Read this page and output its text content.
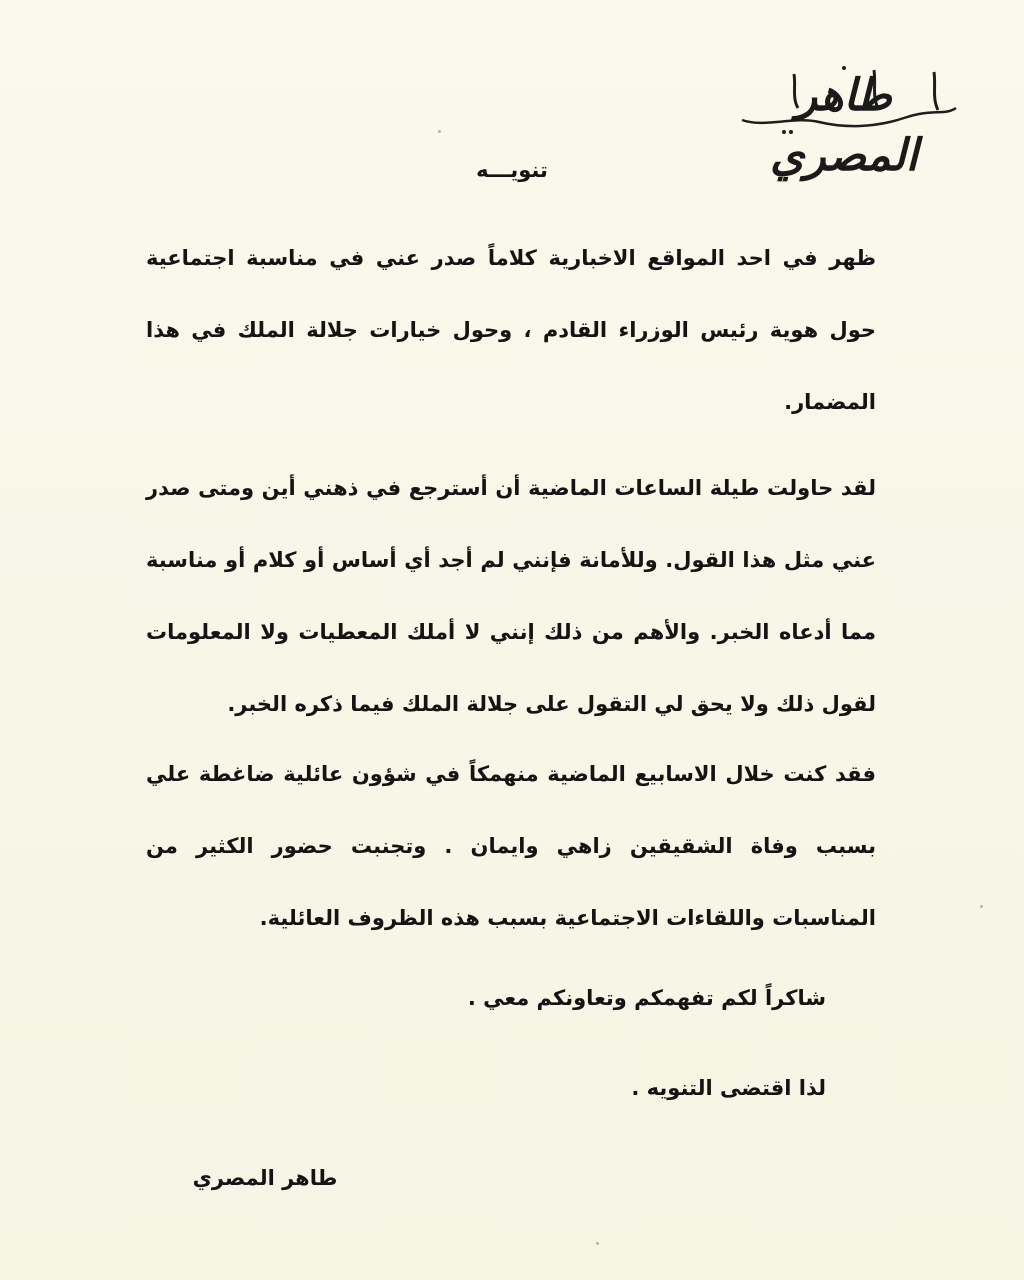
طاهر المصري
تنويـــه
ظهر في احد المواقع الاخبارية كلاماً صدر عني في مناسبة اجتماعية حول هوية رئيس الوزراء القادم ، وحول خيارات جلالة الملك في هذا المضمار.
لقد حاولت طيلة الساعات الماضية أن أسترجع في ذهني أين ومتى صدر عني مثل هذا القول. وللأمانة فإنني لم أجد أي أساس أو كلام أو مناسبة مما أدعاه الخبر. والأهم من ذلك إنني لا أملك المعطيات ولا المعلومات لقول ذلك ولا يحق لي التقول على جلالة الملك فيما ذكره الخبر.
فقد كنت خلال الاسابيع الماضية منهمكاً في شؤون عائلية ضاغطة علي بسبب وفاة الشقيقين زاهي وايمان . وتجنبت حضور الكثير من المناسبات واللقاءات الاجتماعية بسبب هذه الظروف العائلية.
شاكراً لكم تفهمكم وتعاونكم معي .
لذا اقتضى التنويه .
طاهر المصري
